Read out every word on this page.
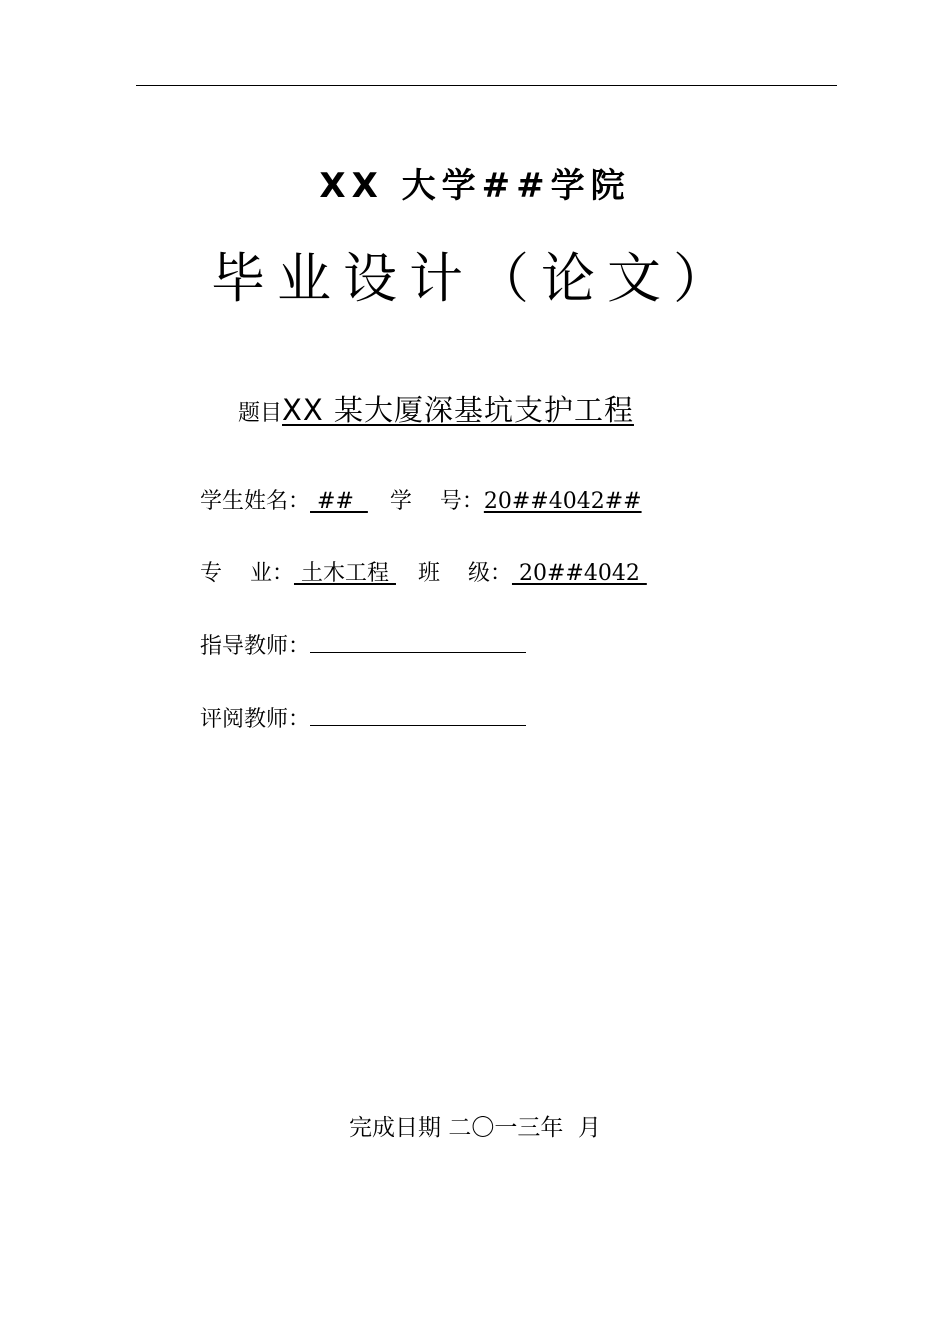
XX 大学##学院
毕业设计（论文）
题目XX 某大厦深基坑支护工程
学生姓名： ##  学    号：20##4042##
专    业： 土木工程 班    级： 20##4042
指导教师：
评阅教师：
完成日期 二〇一三年  月
